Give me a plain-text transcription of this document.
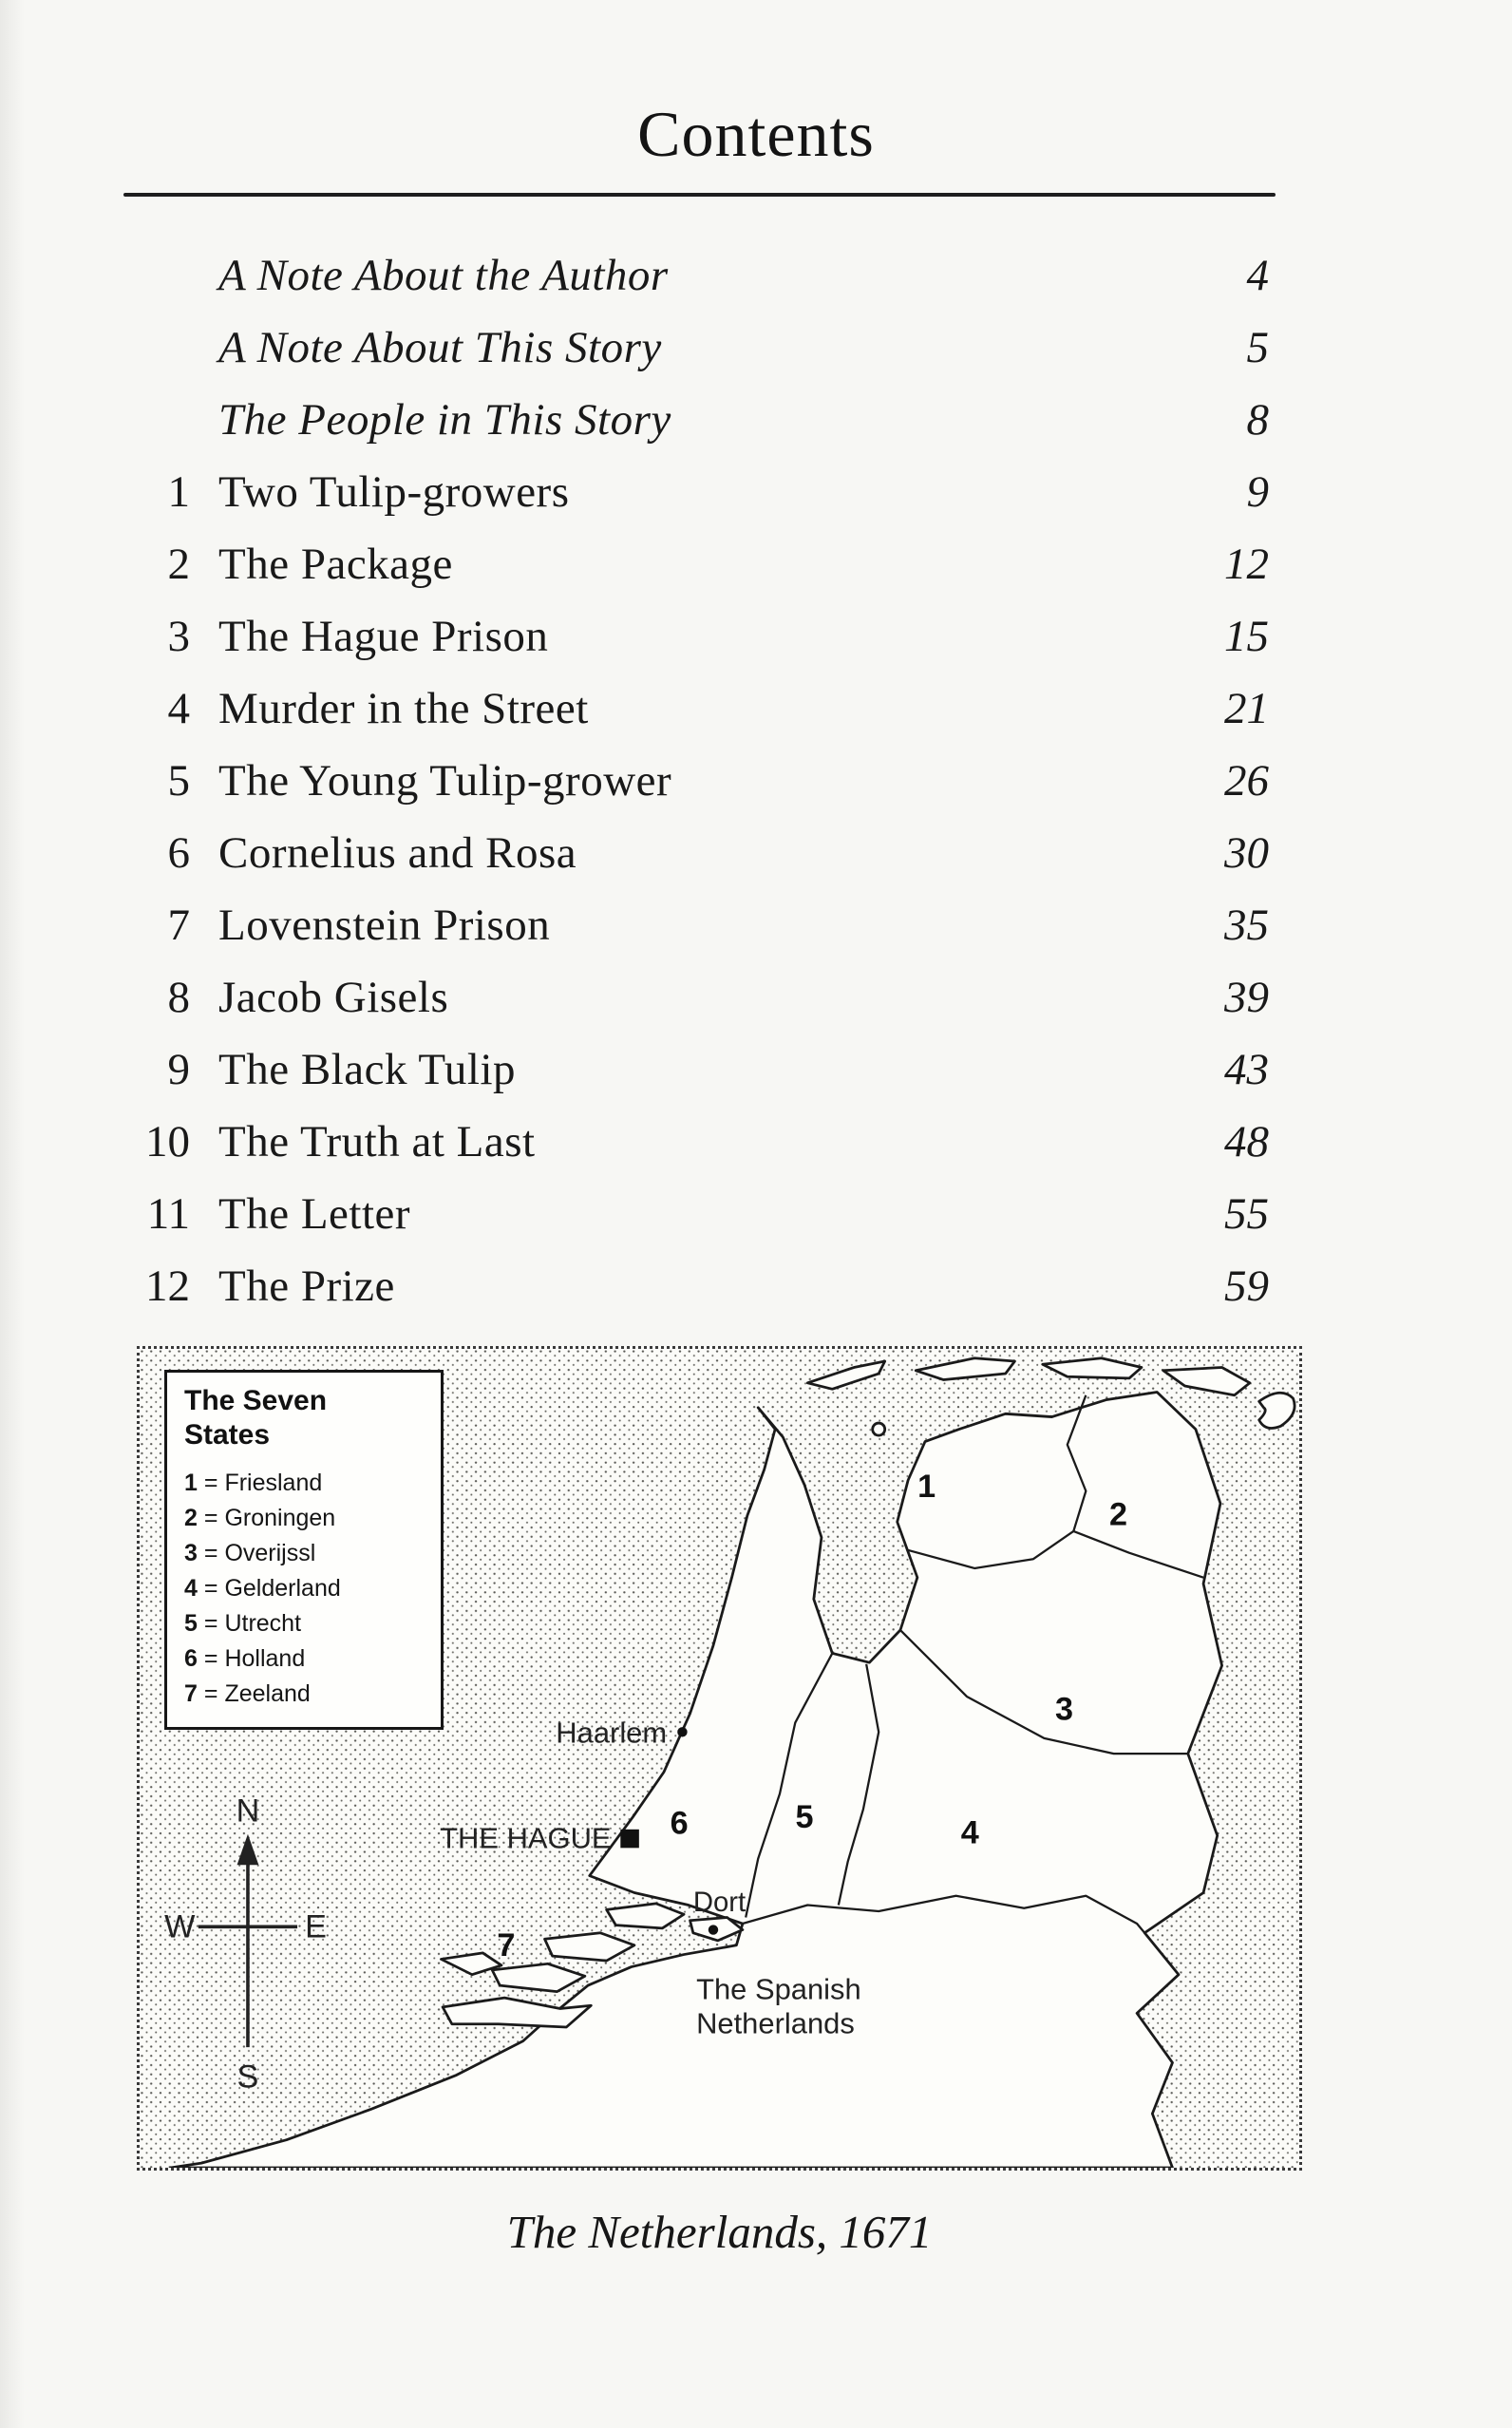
Contents
A Note About the Author	4
A Note About This Story	5
The People in This Story	8
1 Two Tulip-growers	9
2 The Package	12
3 The Hague Prison	15
4 Murder in the Street	21
5 The Young Tulip-grower	26
6 Cornelius and Rosa	30
7 Lovenstein Prison	35
8 Jacob Gisels	39
9 The Black Tulip	43
10 The Truth at Last	48
11 The Letter	55
12 The Prize	59
1
2
3
4
5
6
7
Haarlem
THE HAGUE
Dort
The Spanish
Netherlands
N
W	E
S
The Seven
States
1 = Friesland
2 = Groningen
3 = Overijssl
4 = Gelderland
5 = Utrecht
6 = Holland
7 = Zeeland
The Netherlands, 1671
